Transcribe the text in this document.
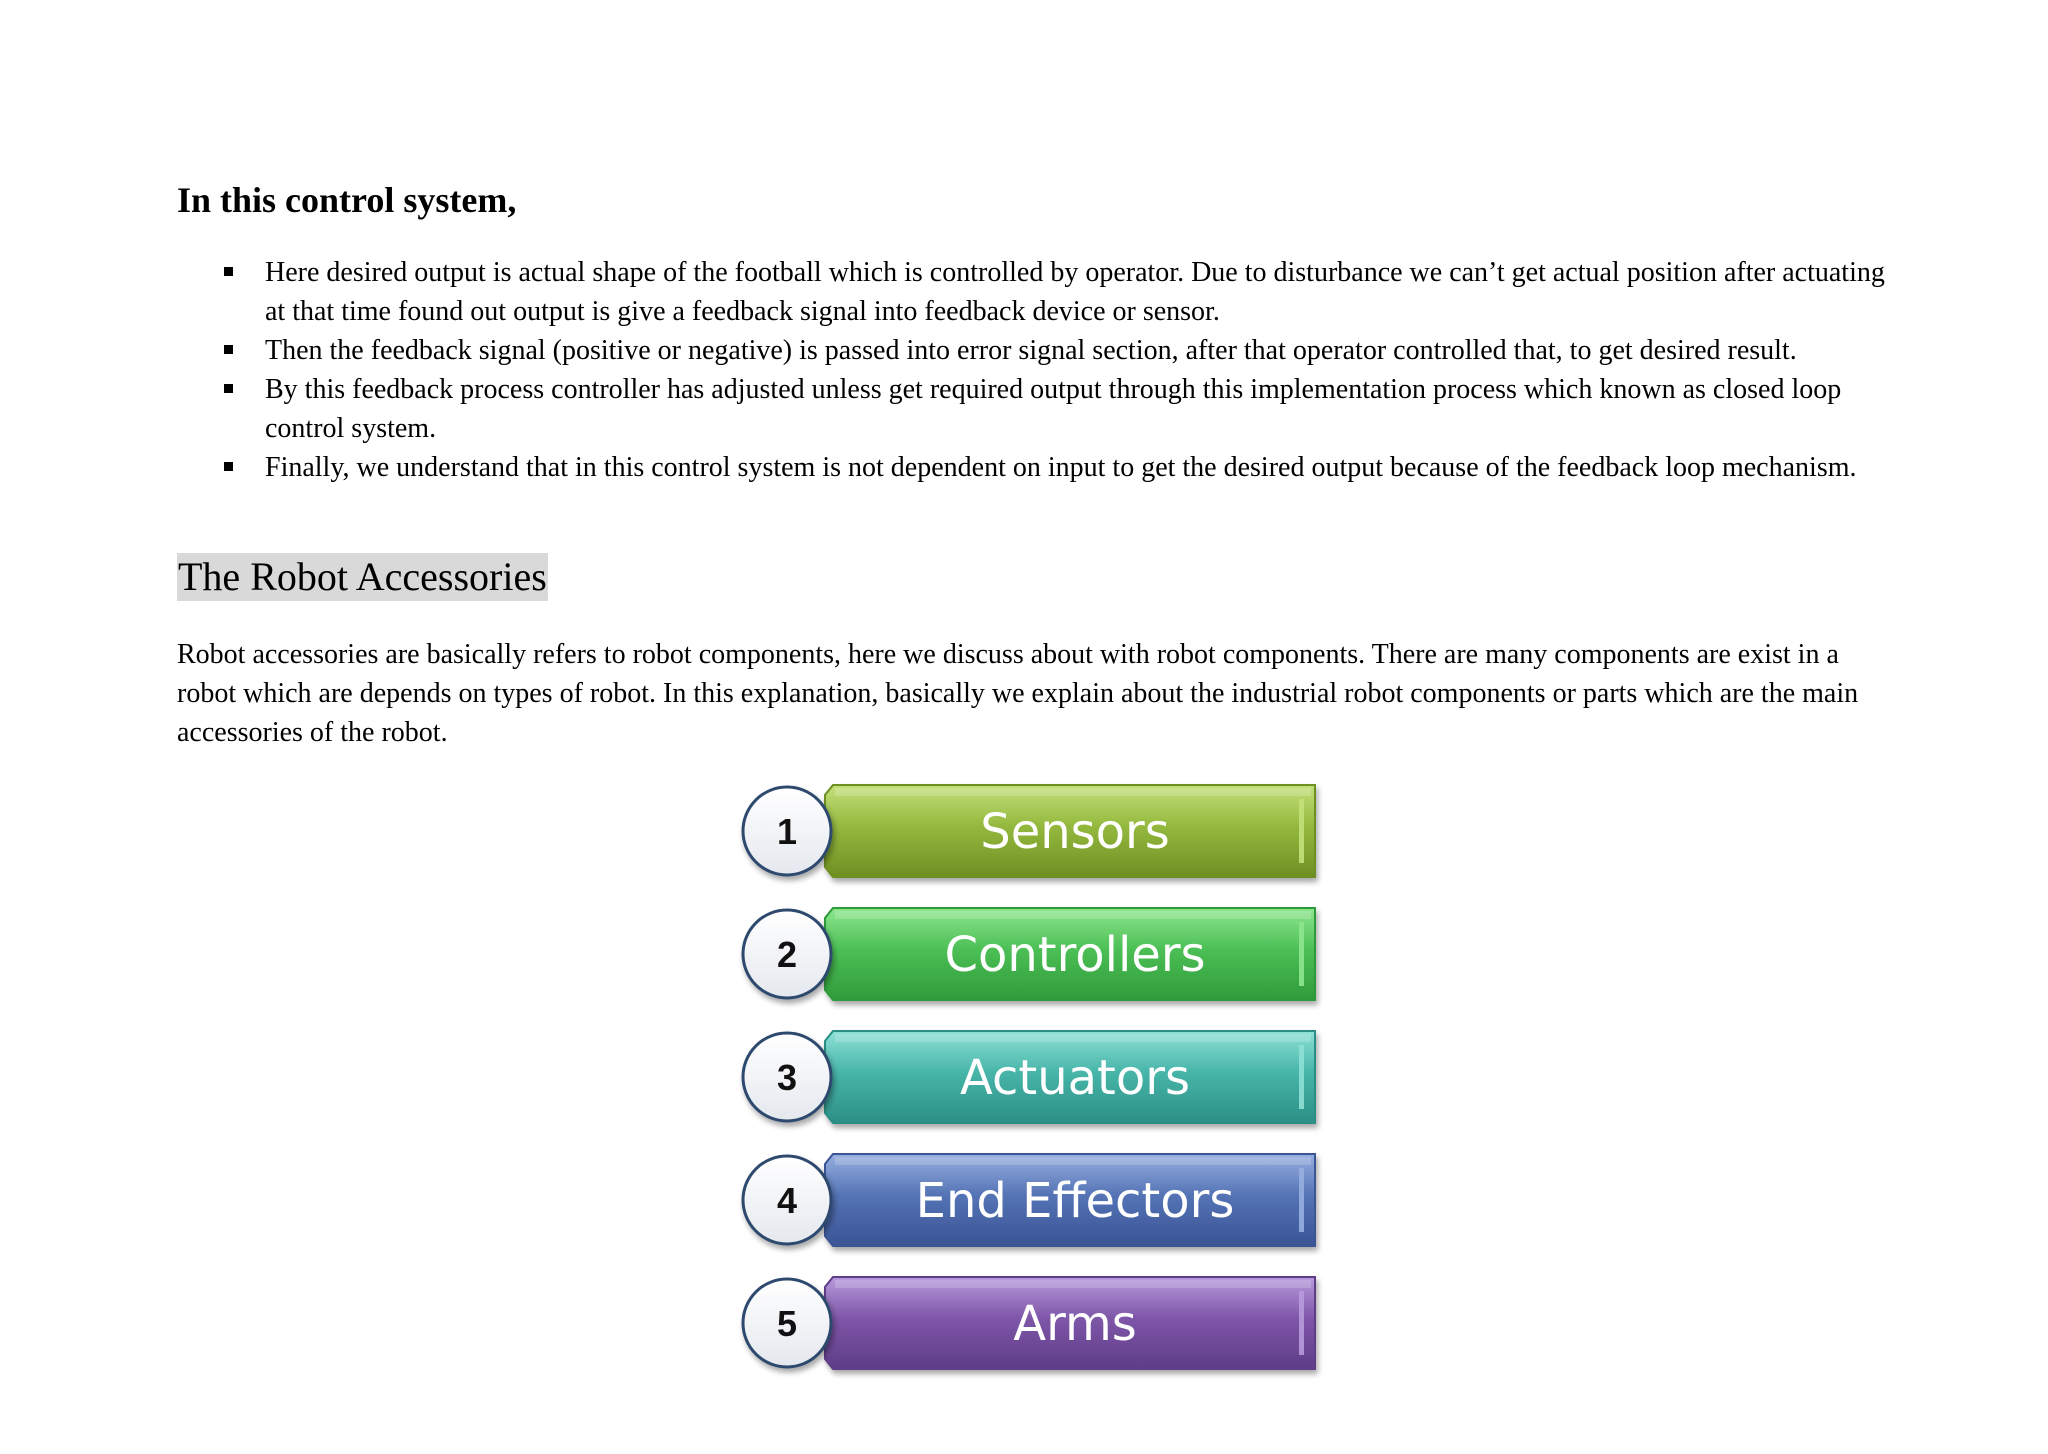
In this control system,
Here desired output is actual shape of the football which is controlled by operator. Due to disturbance we can’t get actual position after actuating at that time found out output is give a feedback signal into feedback device or sensor.
Then the feedback signal (positive or negative) is passed into error signal section, after that operator controlled that, to get desired result.
By this feedback process controller has adjusted unless get required output through this implementation process which known as closed loop control system.
Finally, we understand that in this control system is not dependent on input to get the desired output because of the feedback loop mechanism.
The Robot Accessories

Robot accessories are basically refers to robot components, here we discuss about with robot components. There are many components are exist in a robot which are depends on types of robot. In this explanation, basically we explain about the industrial robot components or parts which are the main accessories of the robot.

Sensors
1
Controllers
2
Actuators
3
End Effectors
4
Arms
5
